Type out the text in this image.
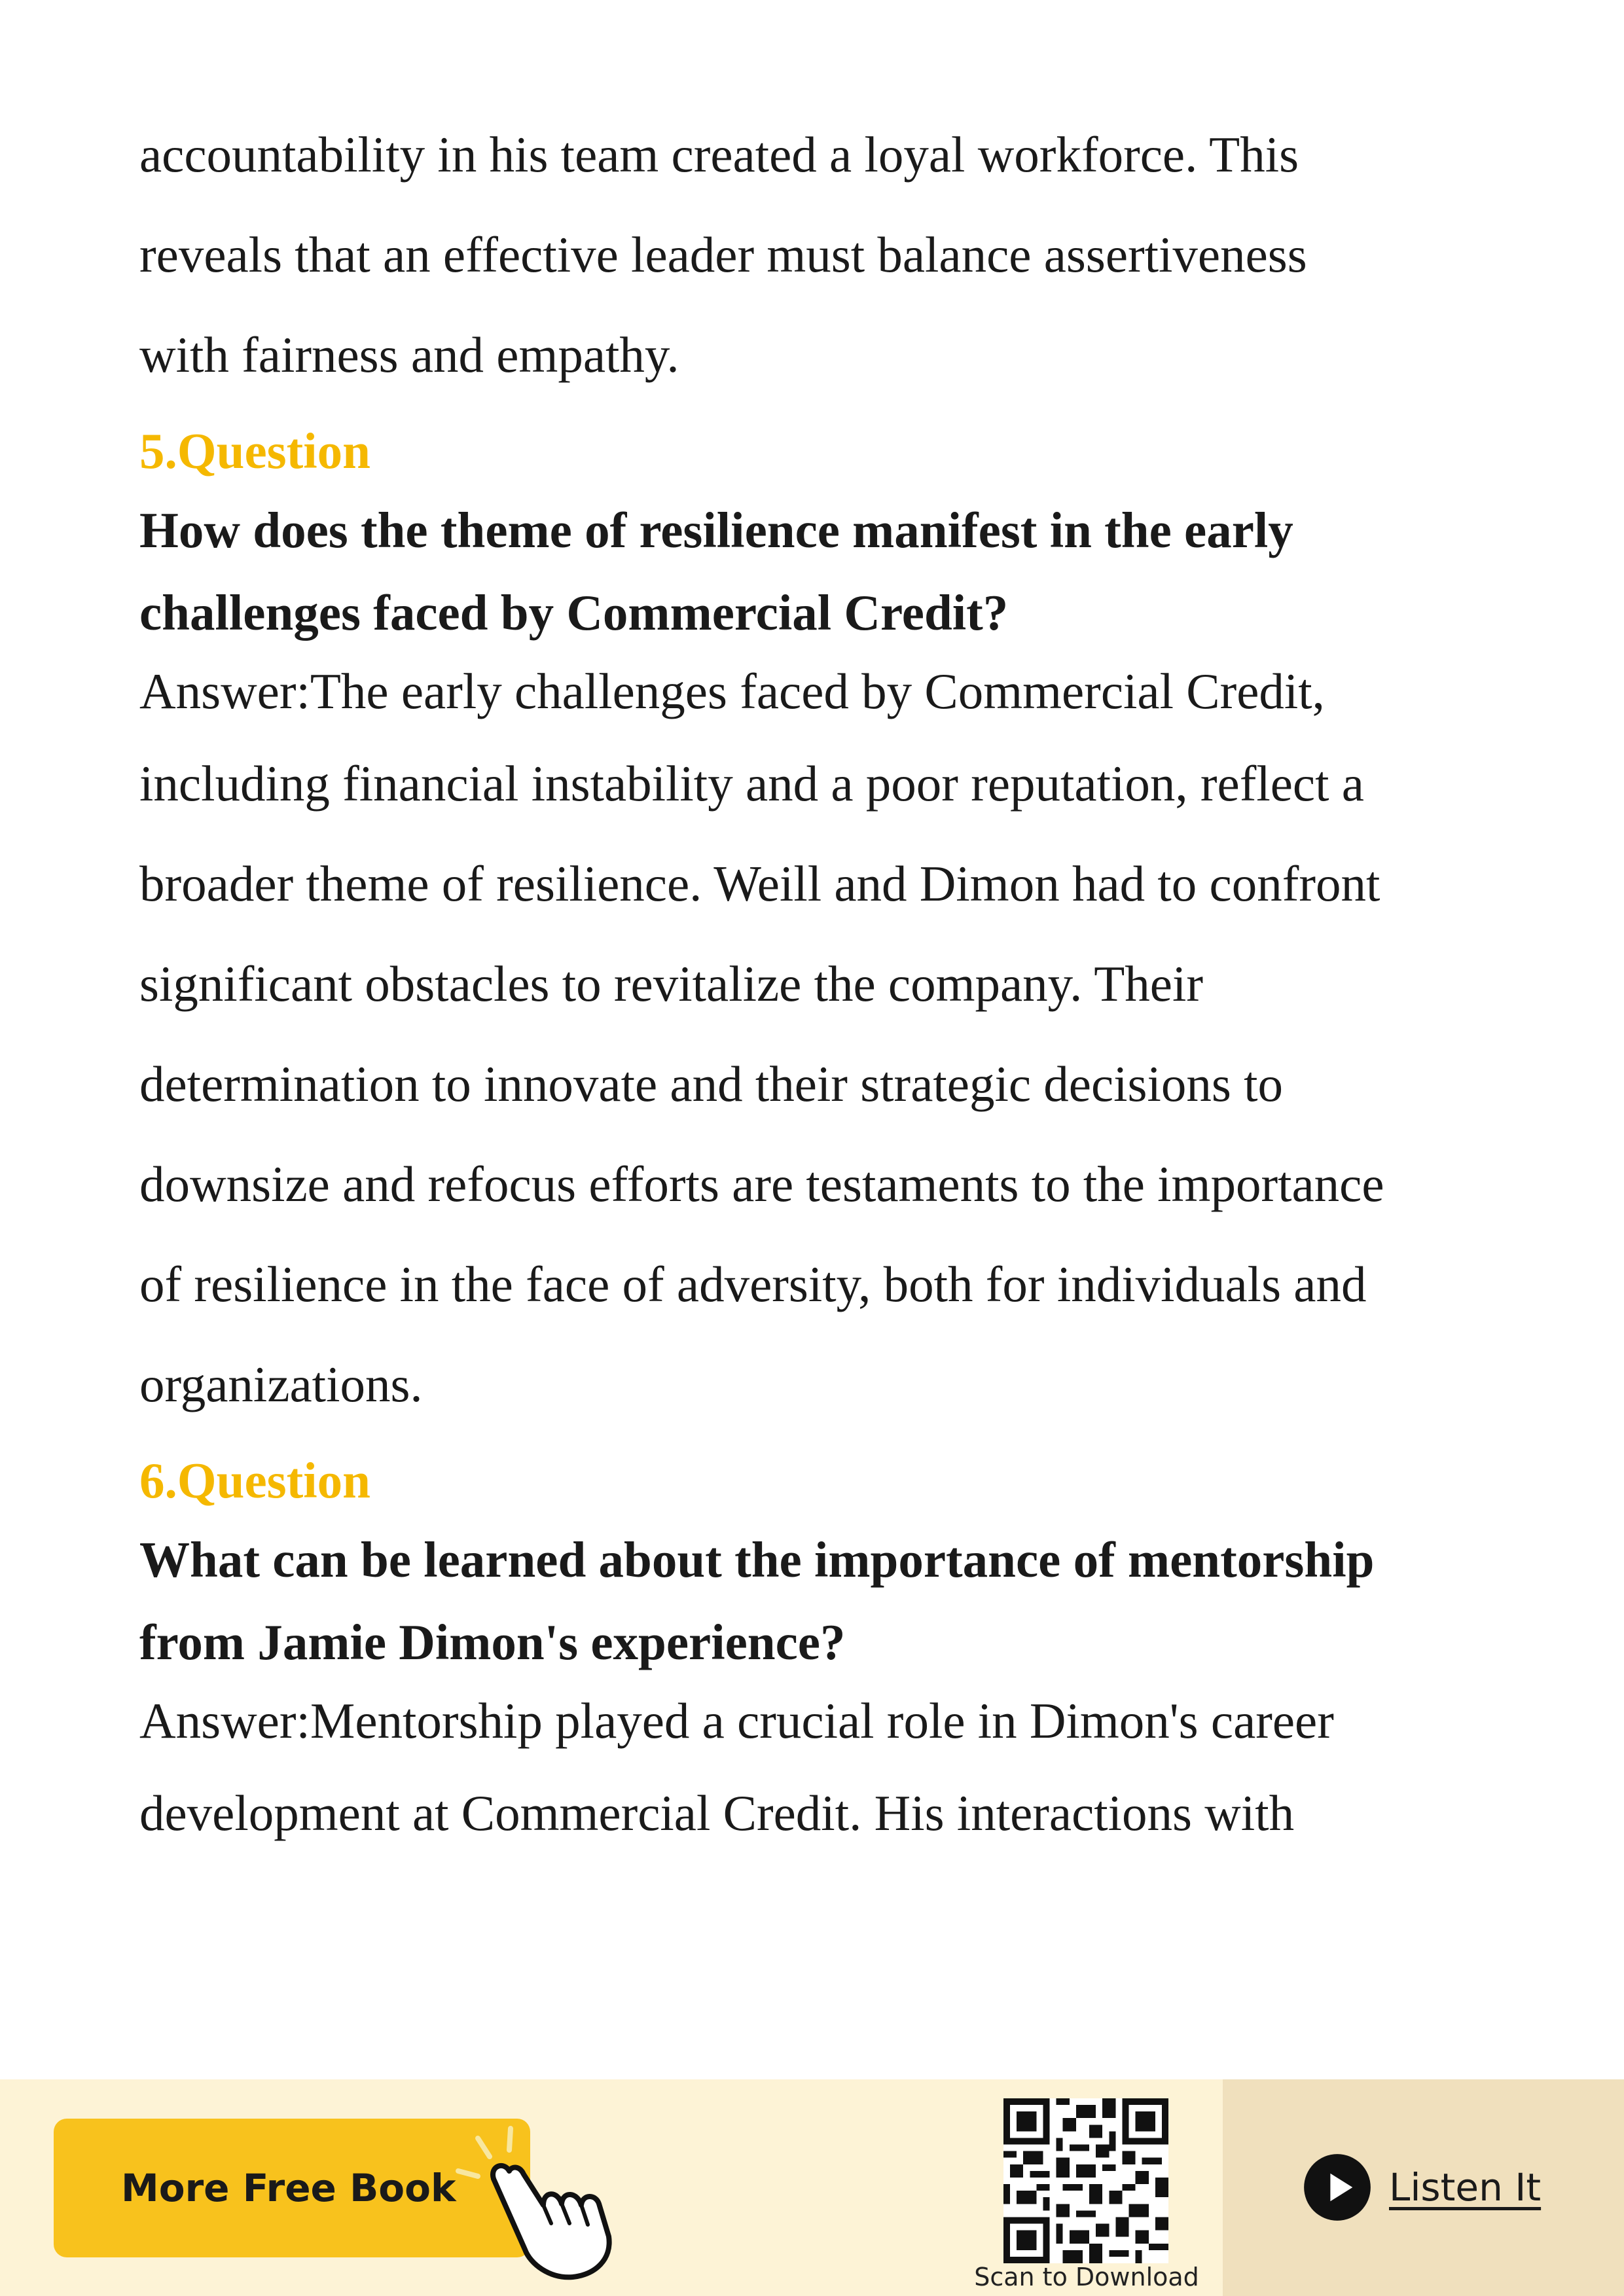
accountability in his team created a loyal workforce. This

reveals that an effective leader must balance assertiveness

with fairness and empathy.

5.Question

How does the theme of resilience manifest in the early

challenges faced by Commercial Credit?

Answer:The early challenges faced by Commercial Credit,

including financial instability and a poor reputation, reflect a

broader theme of resilience. Weill and Dimon had to confront

significant obstacles to revitalize the company. Their

determination to innovate and their strategic decisions to

downsize and refocus efforts are testaments to the importance

of resilience in the face of adversity, both for individuals and

organizations.

6.Question

What can be learned about the importance of mentorship

from Jamie Dimon's experience?

Answer:Mentorship played a crucial role in Dimon's career

development at Commercial Credit. His interactions with

More Free Book
Scan to Download
Listen It
